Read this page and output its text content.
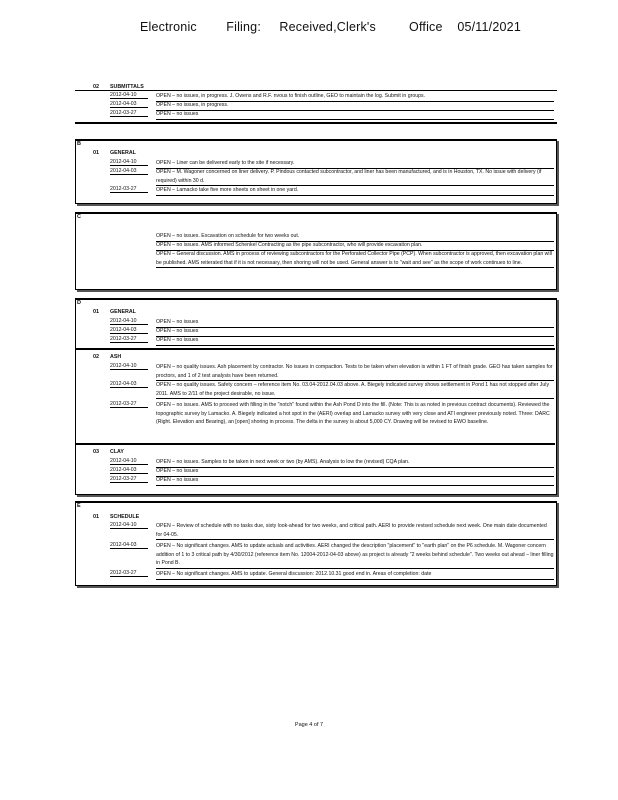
Electronic        Filing:     Received,Clerk's         Office    05/11/2021
02 SUBMITTALS
2012-04-10	OPEN – no issues, in progress. J. Owens and R.F. nvous to finish outline, GEO to maintain the log. Submit in groups.
2012-04-03	OPEN – no issues, in progress.
2012-03-27	OPEN – no issues
B
01 GENERAL
2012-04-10	OPEN – Liner can be delivered early to the site if necessary.
2012-04-03	OPEN – M. Wagoner concerned on liner delivery. P. Pindous contacted subcontractor, and liner has been manufactured, and is in Houston, TX. No issue with delivery (if required) within 30 d.
2012-03-27	OPEN – Lamacko take five more sheets on sheet in one yard.
C
OPEN – no issues. Excavation on schedule for two weeks out.
OPEN – no issues. AMS informed Schenkel Contracting as the pipe subcontractor, who will provide excavation plan.
OPEN – General discussion. AMS in process of reviewing subcontractors for the Perforated Collector Pipe (PCP). When subcontractor is approved, then excavation plan will be published. AMS reiterated that if it is not necessary, then shoring will not be used. General answer is to "wait and see" as the scope of work continues to line.
D
01 GENERAL
2012-04-10	OPEN – no issues
2012-04-03	OPEN – no issues
2012-03-27	OPEN – no issues
02 ASH
2012-04-10	OPEN – no quality issues. Ash placement by contractor. No issues in compaction. Tests to be taken when elevation is within 1 FT of finish grade. GEO has taken samples for proctors, and 1 of 2 test analysis have been returned.
2012-04-03	OPEN – no quality issues. Safety concern – reference item No. 03.04-2012.04.03 above. A. Biegely indicated survey shows settlement in Pond 1 has not stopped after July 2011. AMS to 2/11 of the project desirable, no issue.
2012-03-27	OPEN – no issues. AMS to proceed with filling in the "notch" found within the Ash Pond D into the fill. (Note: This is as noted in previous contract documents). Reviewed the topographic survey by Lamacko. A. Biegely indicated a hot spot in the (AERI) overlap and Lamacko survey with very close and ATI engineer previously noted. Three: DARC (Right. Elevation and Bearing), an [open] shoring in process. The delta in the survey is about 5,000 CY. Drawing will be revised to EWO baseline.
03 CLAY
2012-04-10	OPEN – no issues. Samples to be taken in next week or two (by AMS). Analysis to low the (revised) CQA plan.
2012-04-03	OPEN – no issues
2012-03-27	OPEN – no issues
E
01 SCHEDULE
2012-04-10	OPEN – Review of schedule with no tasks due, sixty look-ahead for two weeks, and critical path. AERI to provide revised schedule next week. One main date documented for 04-05.
2012-04-03	OPEN – No significant changes. AMS to update actuals and activities. AERI changed the description "placement" to "earth plan" on the P6 schedule. M. Wagoner concern addition of 1 to 3 critical path by 4/30/2012 (reference item No. 12004-2012-04-03 above) as project is already "2 weeks behind schedule". Two weeks out ahead – liner filling in Pond B.
2012-03-27	OPEN – No significant changes. AMS to update. General discussion: 2012.10.31 good end in. Areas of completion: date
Page 4 of 7
